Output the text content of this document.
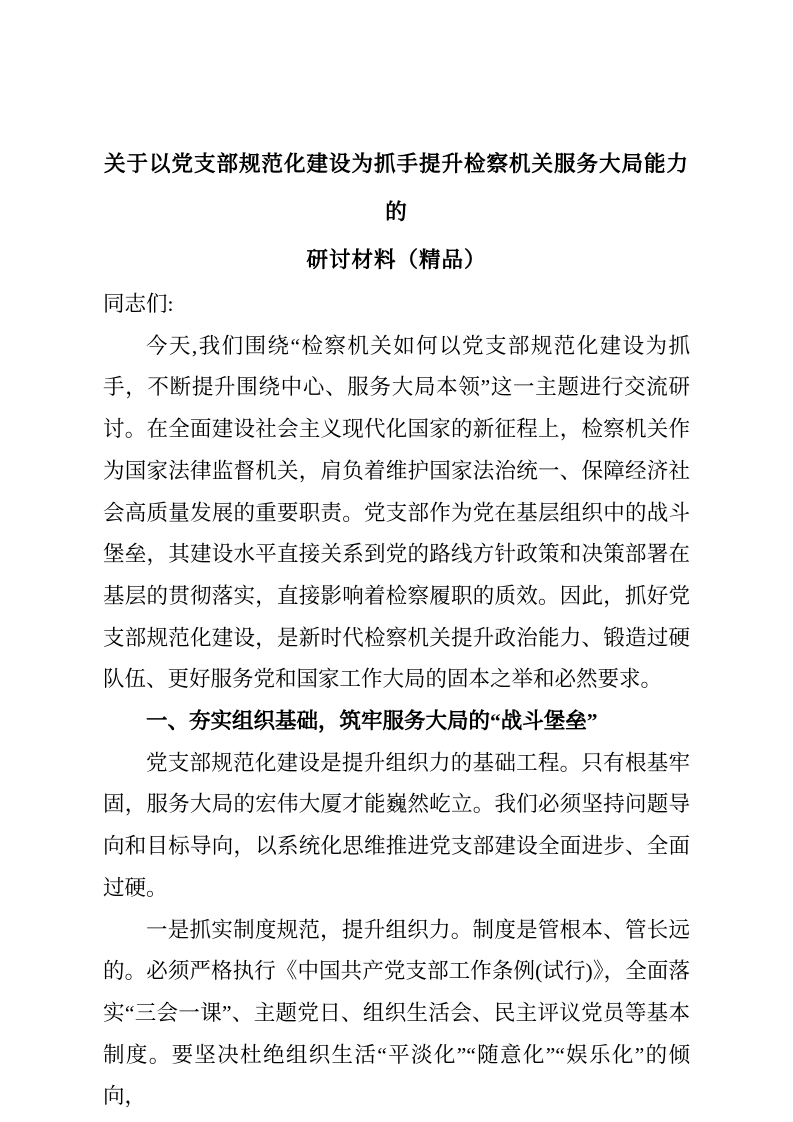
关于以党支部规范化建设为抓手提升检察机关服务大局能力的
研讨材料（精品）

同志们:

今天,我们围绕“检察机关如何以党支部规范化建设为抓手，不断提升围绕中心、服务大局本领”这一主题进行交流研讨。在全面建设社会主义现代化国家的新征程上，检察机关作为国家法律监督机关，肩负着维护国家法治统一、保障经济社会高质量发展的重要职责。党支部作为党在基层组织中的战斗堡垒，其建设水平直接关系到党的路线方针政策和决策部署在基层的贯彻落实，直接影响着检察履职的质效。因此，抓好党支部规范化建设，是新时代检察机关提升政治能力、锻造过硬队伍、更好服务党和国家工作大局的固本之举和必然要求。

一、夯实组织基础，筑牢服务大局的“战斗堡垒”

党支部规范化建设是提升组织力的基础工程。只有根基牢固，服务大局的宏伟大厦才能巍然屹立。我们必须坚持问题导向和目标导向，以系统化思维推进党支部建设全面进步、全面过硬。

一是抓实制度规范，提升组织力。制度是管根本、管长远的。必须严格执行《中国共产党支部工作条例(试行)》，全面落实“三会一课”、主题党日、组织生活会、民主评议党员等基本制度。要坚决杜绝组织生活“平淡化”“随意化”“娱乐化”的倾向，
